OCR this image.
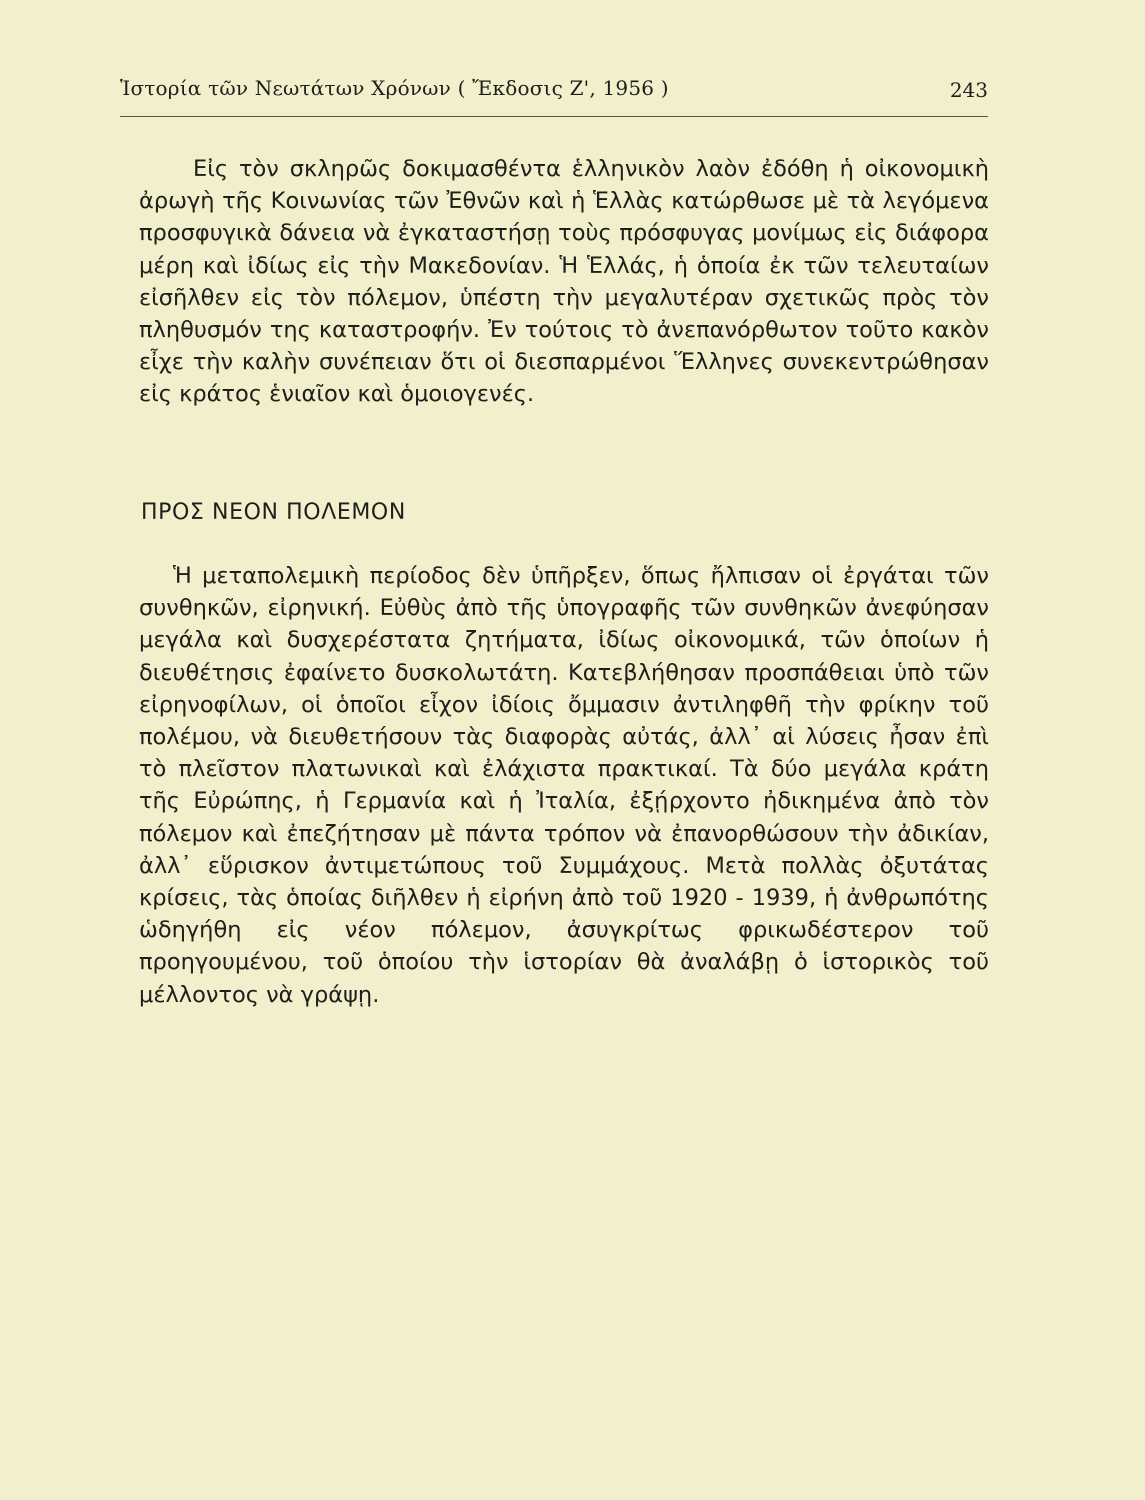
Ἱστορία τῶν Νεωτάτων Χρόνων ( Ἔκδοσις Ζ', 1956 )	243

Εἰς τὸν σκληρῶς δοκιμασθέντα ἑλληνικὸν λαὸν ἐδόθη ἡ οἰκονομικὴ ἀρωγὴ τῆς Κοινωνίας τῶν Ἐθνῶν καὶ ἡ Ἑλλὰς κατώρθωσε μὲ τὰ λεγόμενα προσφυγικὰ δάνεια νὰ ἐγκαταστήσῃ τοὺς πρόσφυγας μονίμως εἰς διάφορα μέρη καὶ ἰδίως εἰς τὴν Μακεδονίαν. Ἡ Ἑλλάς, ἡ ὁποία ἐκ τῶν τελευταίων εἰσῆλθεν εἰς τὸν πόλεμον, ὑπέστη τὴν μεγαλυτέραν σχετικῶς πρὸς τὸν πληθυσμόν της καταστροφήν. Ἐν τούτοις τὸ ἀνεπανόρθωτον τοῦτο κακὸν εἶχε τὴν καλὴν συνέπειαν ὅτι οἱ διεσπαρμένοι Ἕλληνες συνεκεντρώθησαν εἰς κράτος ἑνιαῖον καὶ ὁμοιογενές.

ΠΡΟΣ ΝΕΟΝ ΠΟΛΕΜΟΝ

Ἡ μεταπολεμικὴ περίοδος δὲν ὑπῆρξεν, ὅπως ἤλπισαν οἱ ἐργάται τῶν συνθηκῶν, εἰρηνική. Εὐθὺς ἀπὸ τῆς ὑπογραφῆς τῶν συνθηκῶν ἀνεφύησαν μεγάλα καὶ δυσχερέστατα ζητήματα, ἰδίως οἰκονομικά, τῶν ὁποίων ἡ διευθέτησις ἐφαίνετο δυσκολωτάτη. Κατεβλήθησαν προσπάθειαι ὑπὸ τῶν εἰρηνοφίλων, οἱ ὁποῖοι εἶχον ἰδίοις ὄμμασιν ἀντιληφθῆ τὴν φρίκην τοῦ πολέμου, νὰ διευθετήσουν τὰς διαφορὰς αὐτάς, ἀλλ᾽ αἱ λύσεις ἦσαν ἐπὶ τὸ πλεῖστον πλατωνικαὶ καὶ ἐλάχιστα πρακτικαί. Τὰ δύο μεγάλα κράτη τῆς Εὐρώπης, ἡ Γερμανία καὶ ἡ Ἰταλία, ἐξῄρχοντο ἠδικημένα ἀπὸ τὸν πόλεμον καὶ ἐπεζήτησαν μὲ πάντα τρόπον νὰ ἐπανορθώσουν τὴν ἀδικίαν, ἀλλ᾽ εὕρισκον ἀντιμετώπους τοῦ Συμμάχους. Μετὰ πολλὰς ὀξυτάτας κρίσεις, τὰς ὁποίας διῆλθεν ἡ εἰρήνη ἀπὸ τοῦ 1920 - 1939, ἡ ἀνθρωπότης ὡδηγήθη εἰς νέον πόλεμον, ἀσυγκρίτως φρικωδέστερον τοῦ προηγουμένου, τοῦ ὁποίου τὴν ἱστορίαν θὰ ἀναλάβῃ ὁ ἱστορικὸς τοῦ μέλλοντος νὰ γράψῃ.
